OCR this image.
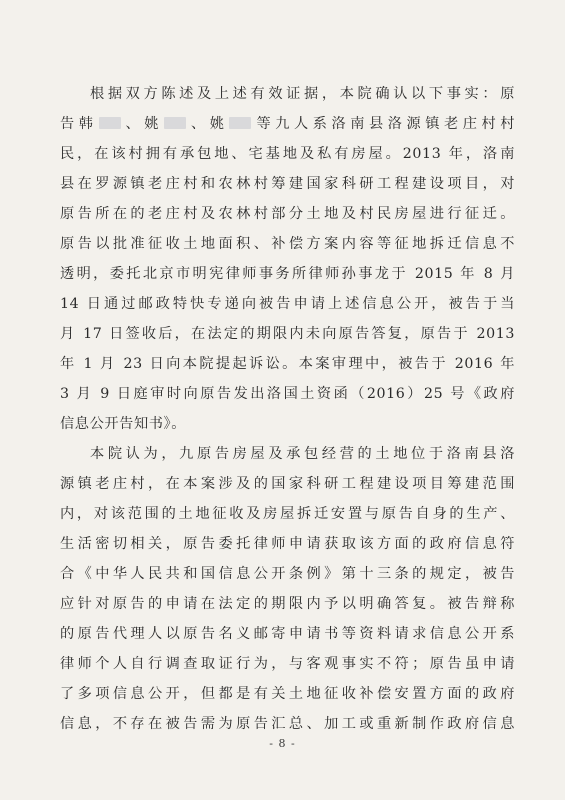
根据双方陈述及上述有效证据，本院确认以下事实：原
告韩 、姚 、姚 等九人系洛南县洛源镇老庄村村
民，在该村拥有承包地、宅基地及私有房屋。2013 年，洛南
县在罗源镇老庄村和农林村筹建国家科研工程建设项目，对
原告所在的老庄村及农林村部分土地及村民房屋进行征迁。
原告以批准征收土地面积、补偿方案内容等征地拆迁信息不
透明，委托北京市明宪律师事务所律师孙事龙于 2015 年 8 月
14 日通过邮政特快专递向被告申请上述信息公开，被告于当
月 17 日签收后，在法定的期限内未向原告答复，原告于 2013
年 1 月 23 日向本院提起诉讼。本案审理中，被告于 2016 年
3 月 9 日庭审时向原告发出洛国土资函（2016）25 号《政府
信息公开告知书》。
本院认为，九原告房屋及承包经营的土地位于洛南县洛
源镇老庄村，在本案涉及的国家科研工程建设项目筹建范围
内，对该范围的土地征收及房屋拆迁安置与原告自身的生产、
生活密切相关，原告委托律师申请获取该方面的政府信息符
合《中华人民共和国信息公开条例》第十三条的规定，被告
应针对原告的申请在法定的期限内予以明确答复。被告辩称
的原告代理人以原告名义邮寄申请书等资料请求信息公开系
律师个人自行调查取证行为，与客观事实不符；原告虽申请
了多项信息公开，但都是有关土地征收补偿安置方面的政府
信息，不存在被告需为原告汇总、加工或重新制作政府信息
- 8 -
